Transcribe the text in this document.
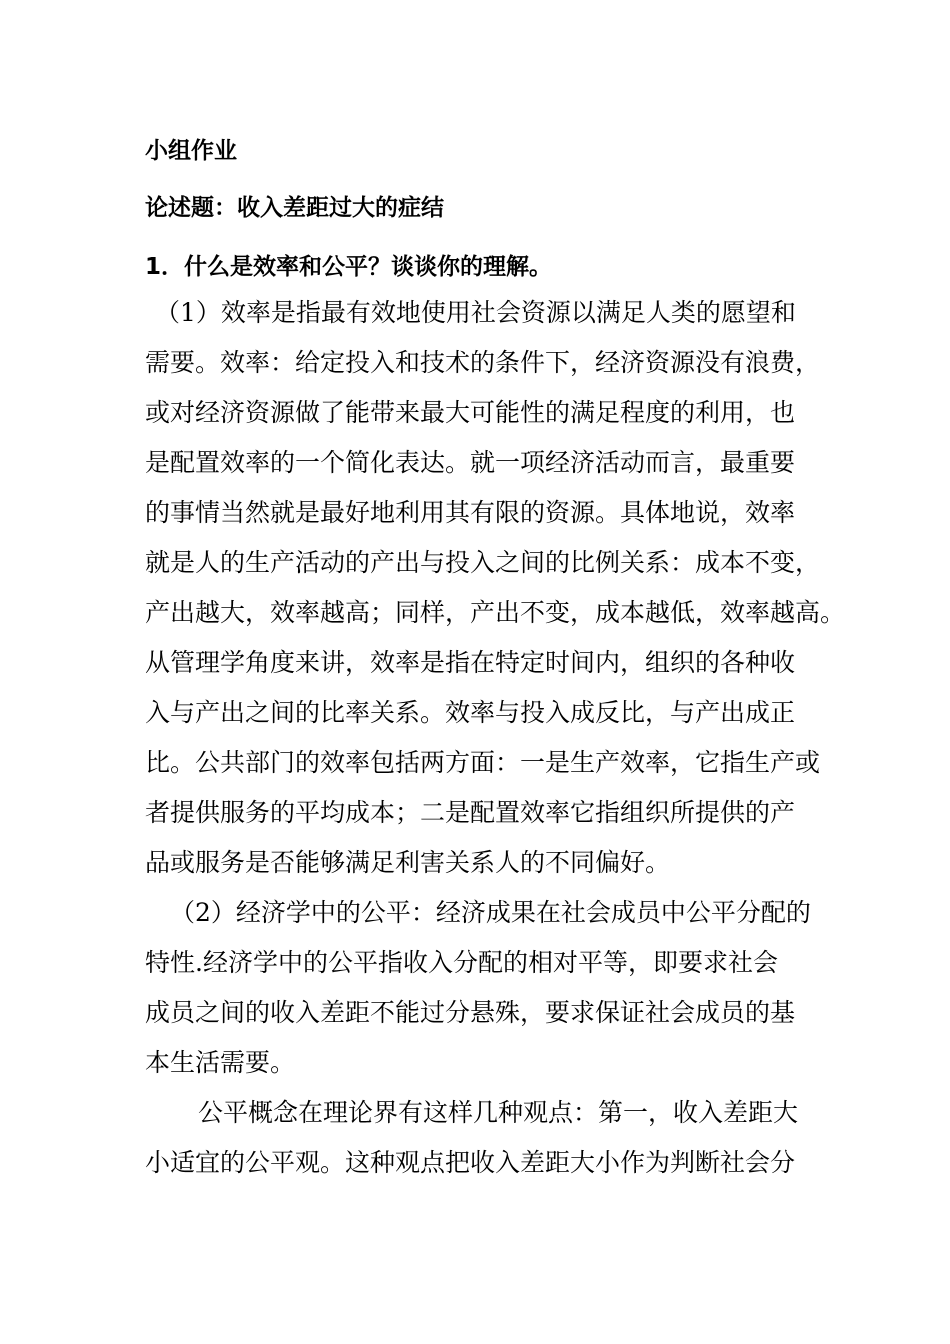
小组作业
论述题：收入差距过大的症结
1．什么是效率和公平？谈谈你的理解。
（1）效率是指最有效地使用社会资源以满足人类的愿望和
需要。效率：给定投入和技术的条件下，经济资源没有浪费，
或对经济资源做了能带来最大可能性的满足程度的利用，也
是配置效率的一个简化表达。就一项经济活动而言，最重要
的事情当然就是最好地利用其有限的资源。具体地说，效率
就是人的生产活动的产出与投入之间的比例关系：成本不变，
产出越大，效率越高；同样，产出不变，成本越低，效率越高。
从管理学角度来讲，效率是指在特定时间内，组织的各种收
入与产出之间的比率关系。效率与投入成反比，与产出成正
比。公共部门的效率包括两方面：一是生产效率，它指生产或
者提供服务的平均成本；二是配置效率它指组织所提供的产
品或服务是否能够满足利害关系人的不同偏好。
（2）经济学中的公平：经济成果在社会成员中公平分配的
特性.经济学中的公平指收入分配的相对平等，即要求社会
成员之间的收入差距不能过分悬殊，要求保证社会成员的基
本生活需要。
公平概念在理论界有这样几种观点：第一，收入差距大
小适宜的公平观。这种观点把收入差距大小作为判断社会分
